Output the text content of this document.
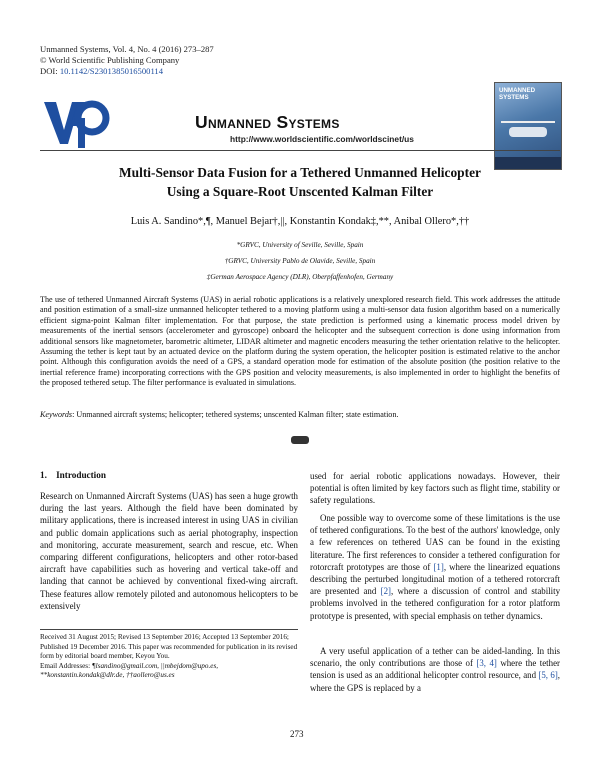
Unmanned Systems, Vol. 4, No. 4 (2016) 273–287
© World Scientific Publishing Company
DOI: 10.1142/S2301385016500114
Unmanned Systems
http://www.worldscientific.com/worldscinet/us
UNMANNED
SYSTEMS
Multi-Sensor Data Fusion for a Tethered Unmanned Helicopter
Using a Square-Root Unscented Kalman Filter
Luis A. Sandino*,¶, Manuel Bejar†,||, Konstantin Kondak‡,**, Anibal Ollero*,††
*GRVC, University of Seville, Seville, Spain
†GRVC, University Pablo de Olavide, Seville, Spain
‡German Aerospace Agency (DLR), Oberpfaffenhofen, Germany
The use of tethered Unmanned Aircraft Systems (UAS) in aerial robotic applications is a relatively unexplored research field. This work addresses the attitude and position estimation of a small-size unmanned helicopter tethered to a moving platform using a multi-sensor data fusion algorithm based on a numerically efficient sigma-point Kalman filter implementation. For that purpose, the state prediction is performed using a kinematic process model driven by measurements of the inertial sensors (accelerometer and gyroscope) onboard the helicopter and the subsequent correction is done using information from additional sensors like magnetometer, barometric altimeter, LIDAR altimeter and magnetic encoders measuring the tether orientation relative to the helicopter. Assuming the tether is kept taut by an actuated device on the platform during the system operation, the helicopter position is estimated relative to the anchor point. Although this configuration avoids the need of a GPS, a standard operation mode for estimation of the absolute position (the position relative to the inertial reference frame) incorporating corrections with the GPS position and velocity measurements, is also implemented in order to highlight the benefits of the proposed tethered setup. The filter performance is evaluated in simulations.
Keywords: Unmanned aircraft systems; helicopter; tethered systems; unscented Kalman filter; state estimation.
1. Introduction
Research on Unmanned Aircraft Systems (UAS) has seen a huge growth during the last years. Although the field have been dominated by military applications, there is increased interest in using UAS in civilian and public domain applications such as aerial photography, inspection and monitoring, accurate measurement, search and rescue, etc. When comparing different configurations, helicopters and other rotor-based aircraft have capabilities such as hovering and vertical take-off and landing that cannot be achieved by conventional fixed-wing aircraft. These features allow remotely piloted and autonomous helicopters to be extensively
Received 31 August 2015; Revised 13 September 2016; Accepted 13 September 2016; Published 19 December 2016. This paper was recommended for publication in its revised form by editorial board member, Keyou You.
Email Addresses: ¶lsandino@gmail.com, ||mbejdom@upo.es, **konstantin.kondak@dlr.de, ††aollero@us.es
used for aerial robotic applications nowadays. However, their potential is often limited by key factors such as flight time, stability or safety regulations.
One possible way to overcome some of these limitations is the use of tethered configurations. To the best of the authors' knowledge, only a few references on tethered UAS can be found in the existing literature. The first references to consider a tethered configuration for rotorcraft prototypes are those of [1], where the linearized equations describing the perturbed longitudinal motion of a tethered rotorcraft are presented and [2], where a discussion of control and stability problems involved in the tethered configuration for a rotor platform prototype is presented, with special emphasis on tether dynamics.
A very useful application of a tether can be aided-landing. In this scenario, the only contributions are those of [3, 4] where the tether tension is used as an additional helicopter control resource, and [5, 6], where the GPS is replaced by a
273
